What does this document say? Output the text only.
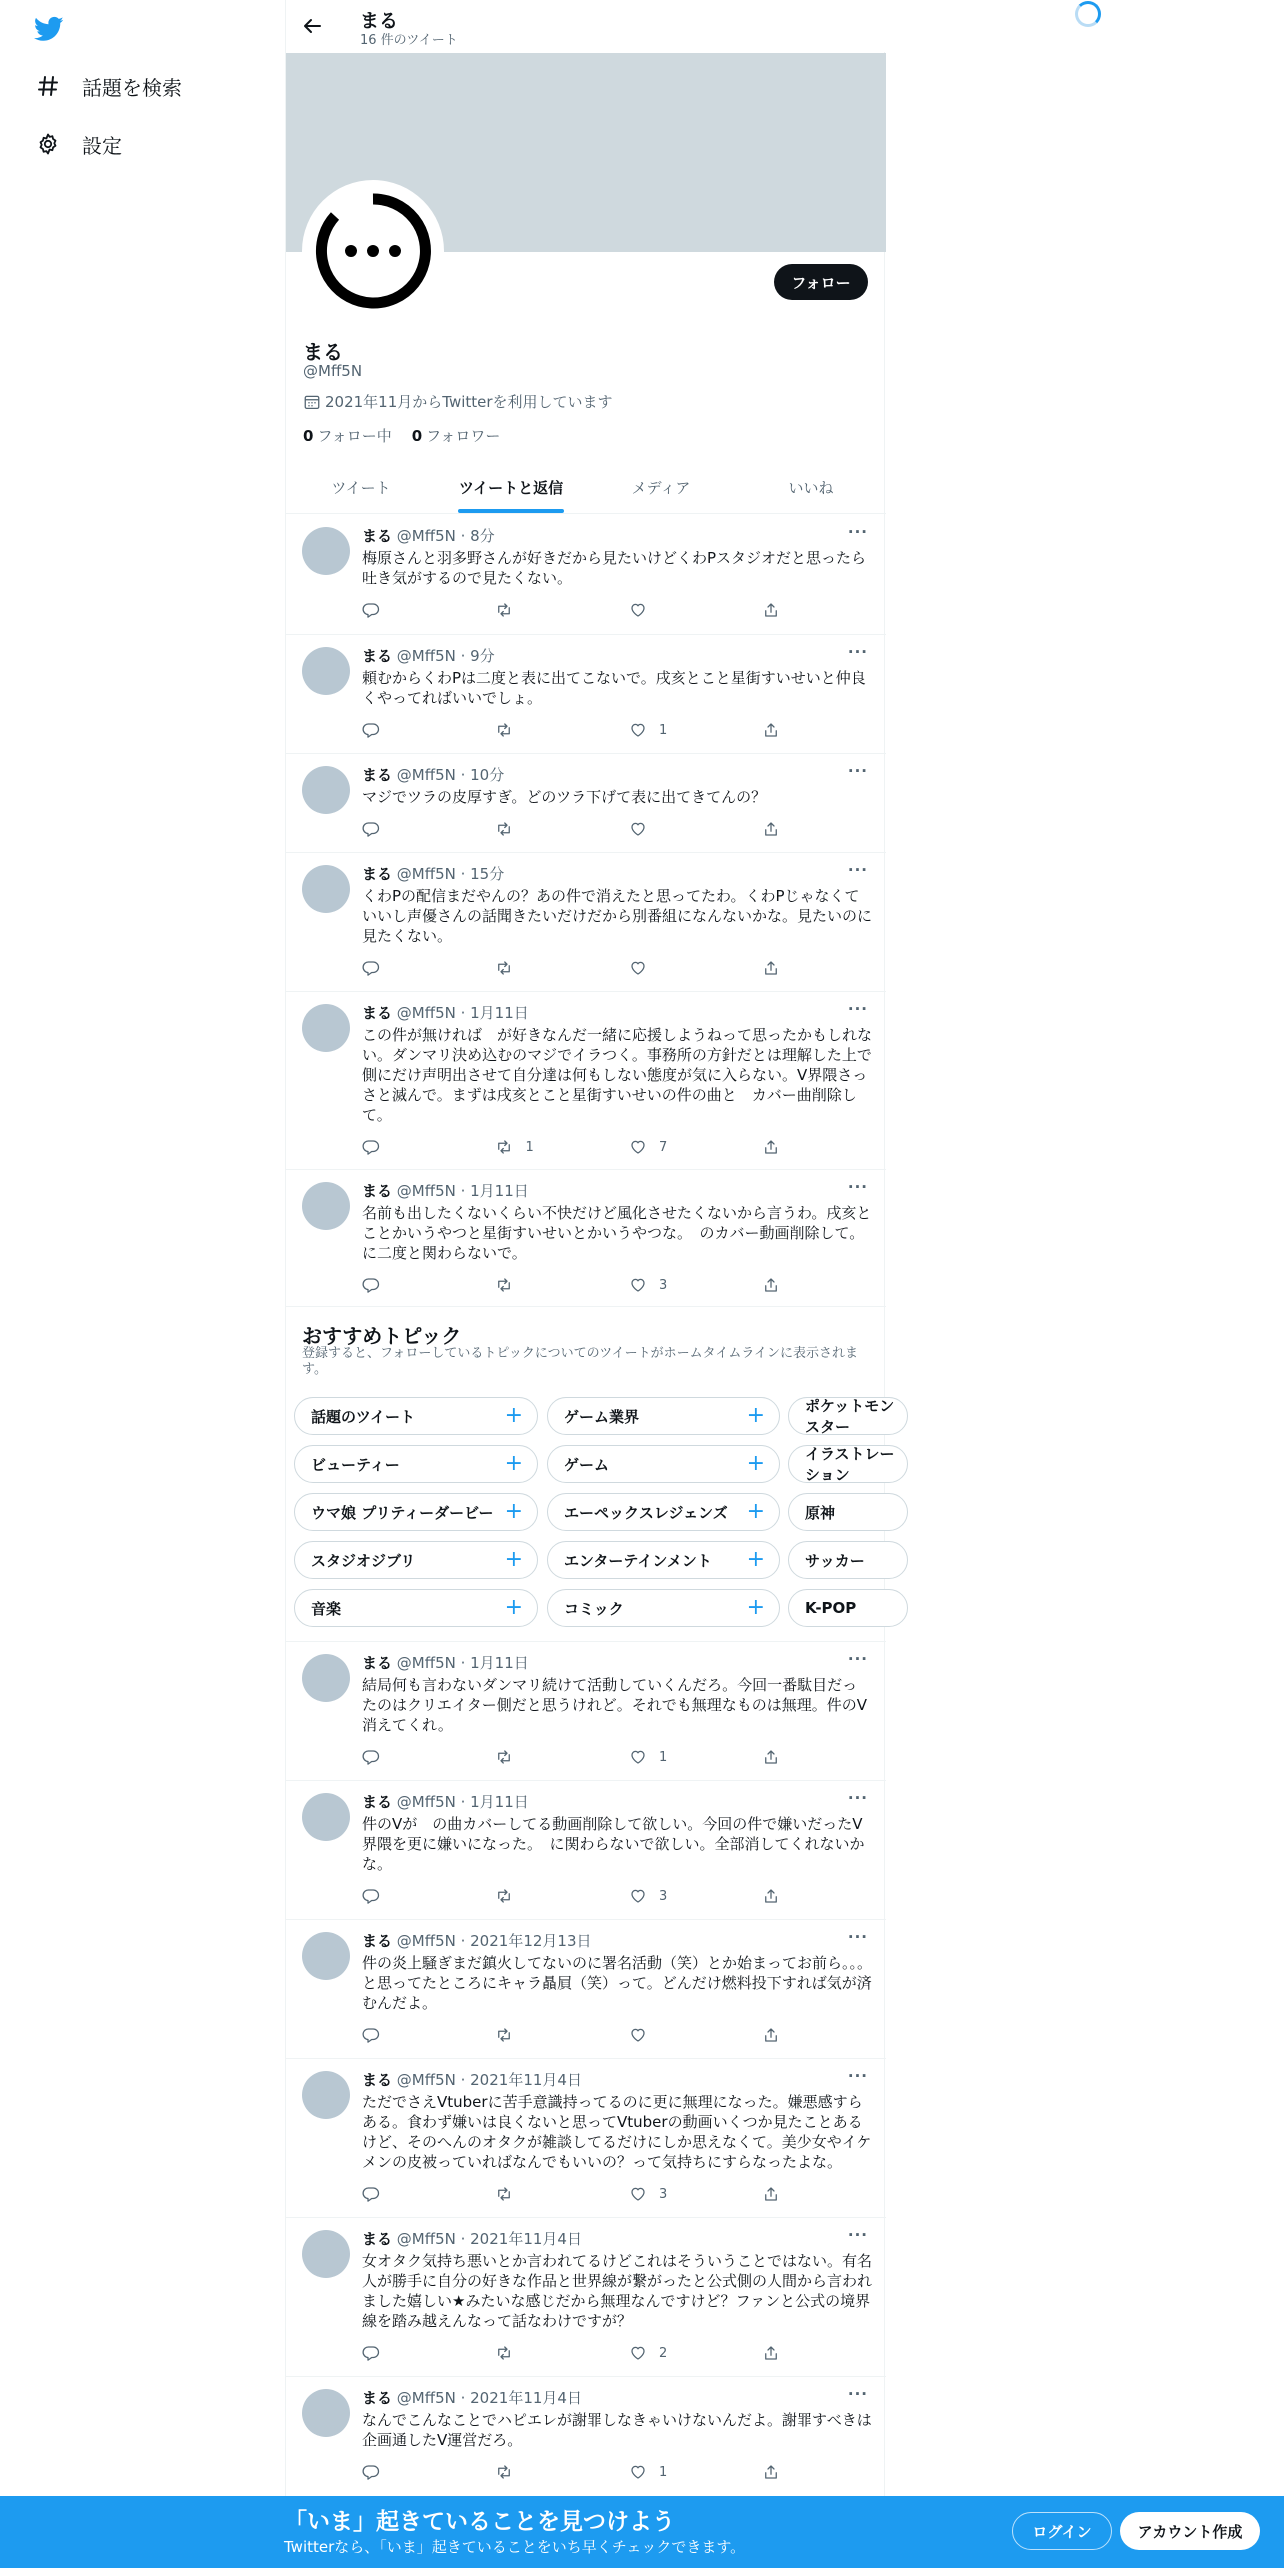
話題を検索
設定
まる
16 件のツイート
フォロー
まる
@Mff5N
2021年11月からTwitterを利用しています
0 フォロー中 0 フォロワー
ツイート	ツイートと返信	メディア	いいね
まる @Mff5N · 8分	···
梅原さんと羽多野さんが好きだから見たいけどくわPスタジオだと思ったら吐き気がするので見たくない。
まる @Mff5N · 9分	···
頼むからくわPは二度と表に出てこないで。戌亥とこと星街すいせいと仲良くやってればいいでしょ。
1
まる @Mff5N · 10分	···
マジでツラの皮厚すぎ。どのツラ下げて表に出てきてんの？
まる @Mff5N · 15分	···
くわPの配信まだやんの？あの件で消えたと思ってたわ。くわPじゃなくていいし声優さんの話聞きたいだけだから別番組になんないかな。見たいのに見たくない。
まる @Mff5N · 1月11日	···
この件が無ければ　が好きなんだ一緒に応援しようねって思ったかもしれない。ダンマリ決め込むのマジでイラつく。事務所の方針だとは理解した上で　側にだけ声明出させて自分達は何もしない態度が気に入らない。V界隈さっさと滅んで。まずは戌亥とこと星街すいせいの件の曲と　カバー曲削除して。
1	7
まる @Mff5N · 1月11日	···
名前も出したくないくらい不快だけど風化させたくないから言うわ。戌亥とことかいうやつと星街すいせいとかいうやつな。　のカバー動画削除して。　に二度と関わらないで。
3
おすすめトピック
登録すると、フォローしているトピックについてのツイートがホームタイムラインに表示されます。
話題のツイート	+	ゲーム業界	+	ポケットモンスター
ビューティー	+	ゲーム	+	イラストレーション
ウマ娘 プリティーダービー +	エーペックスレジェンズ +	原神
スタジオジブリ	+	エンターテインメント +	サッカー
音楽	+	コミック	+	K-POP
まる @Mff5N · 1月11日	···
結局何も言わないダンマリ続けて活動していくんだろ。今回一番駄目だったのはクリエイター側だと思うけれど。それでも無理なものは無理。件のV消えてくれ。
1
まる @Mff5N · 1月11日	···
件のVが　の曲カバーしてる動画削除して欲しい。今回の件で嫌いだったV界隈を更に嫌いになった。　に関わらないで欲しい。全部消してくれないかな。
3
まる @Mff5N · 2021年12月13日	···
件の炎上騒ぎまだ鎮火してないのに署名活動（笑）とか始まってお前ら。。。と思ってたところにキャラ贔屓（笑）って。どんだけ燃料投下すれば気が済むんだよ。
まる @Mff5N · 2021年11月4日	···
ただでさえVtuberに苦手意識持ってるのに更に無理になった。嫌悪感すらある。食わず嫌いは良くないと思ってVtuberの動画いくつか見たことあるけど、そのへんのオタクが雑談してるだけにしか思えなくて。美少女やイケメンの皮被っていればなんでもいいの？って気持ちにすらなったよな。
3
まる @Mff5N · 2021年11月4日	···
女オタク気持ち悪いとか言われてるけどこれはそういうことではない。有名人が勝手に自分の好きな作品と世界線が繋がったと公式側の人間から言われました嬉しい★みたいな感じだから無理なんですけど？ファンと公式の境界線を踏み越えんなって話なわけですが？
2
まる @Mff5N · 2021年11月4日	···
なんでこんなことでハピエレが謝罪しなきゃいけないんだよ。謝罪すべきは企画通したV運営だろ。
1
「いま」起きていることを見つけよう
Twitterなら、「いま」起きていることをいち早くチェックできます。
ログイン	アカウント作成
